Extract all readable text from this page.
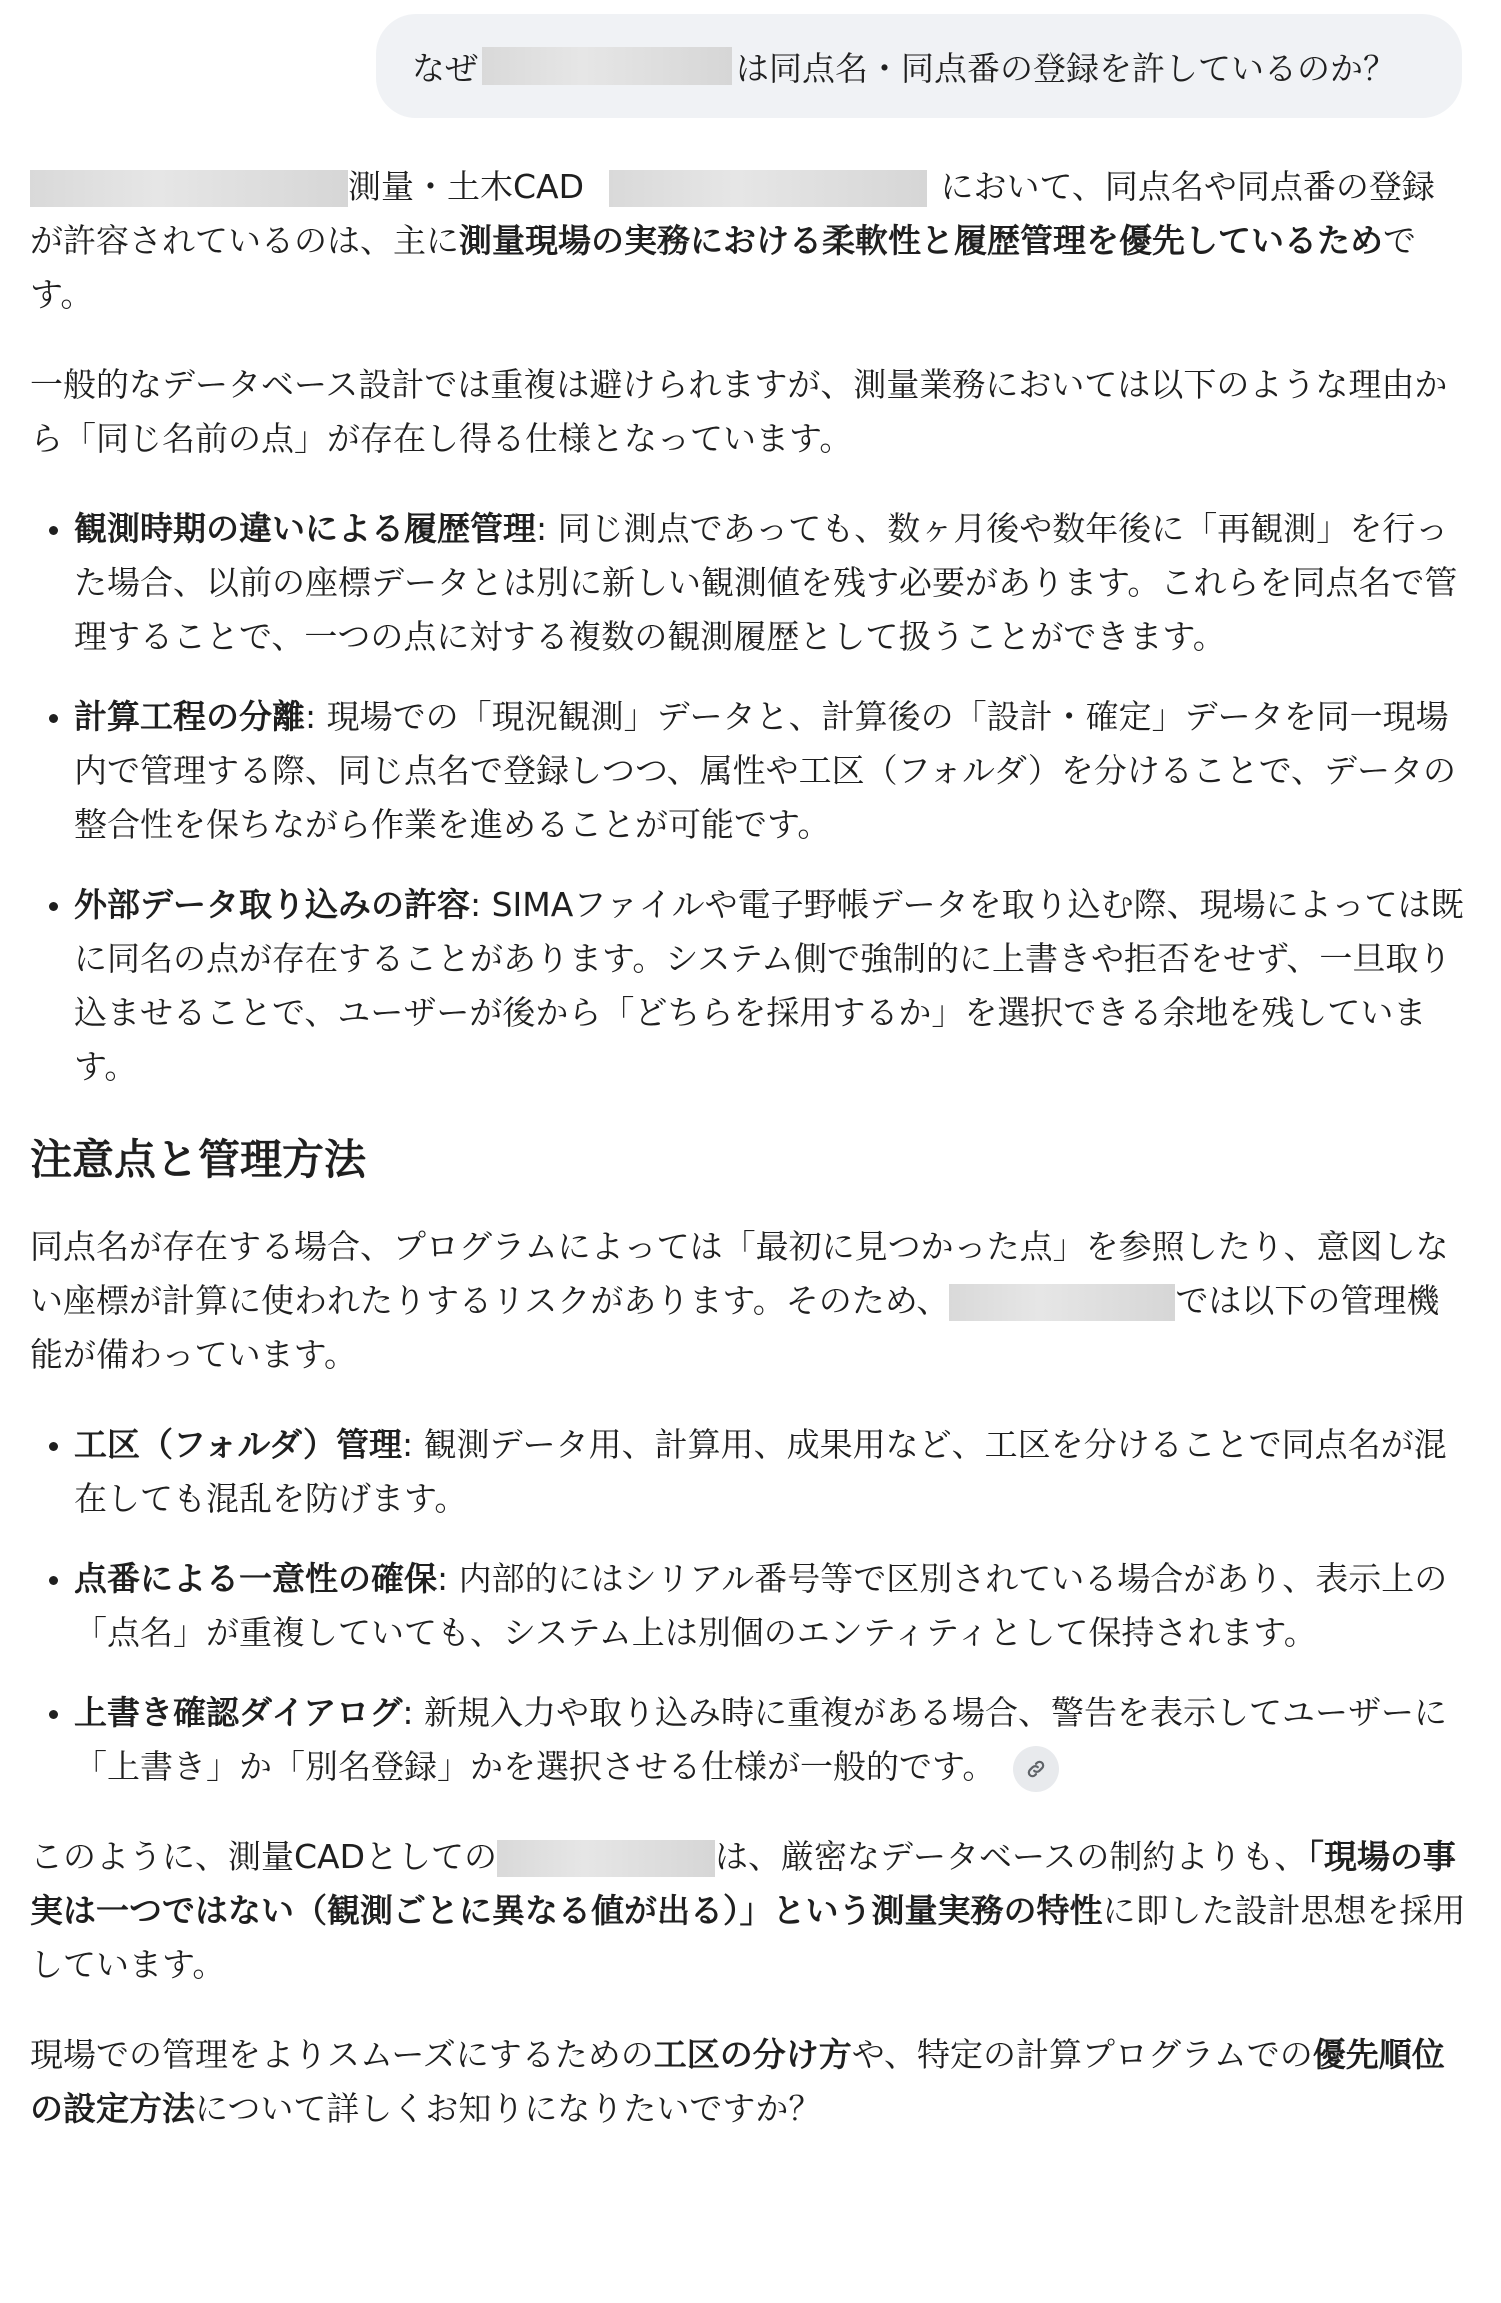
なぜ	は同点名・同点番の登録を許しているのか？

測量・土木CAD	において、同点名や同点番の登録が許容されているのは、主に測量現場の実務における柔軟性と履歴管理を優先しているためです。

一般的なデータベース設計では重複は避けられますが、測量業務においては以下のような理由から「同じ名前の点」が存在し得る仕様となっています。

• 観測時期の違いによる履歴管理: 同じ測点であっても、数ヶ月後や数年後に「再観測」を行った場合、以前の座標データとは別に新しい観測値を残す必要があります。これらを同点名で管理することで、一つの点に対する複数の観測履歴として扱うことができます。
• 計算工程の分離: 現場での「現況観測」データと、計算後の「設計・確定」データを同一現場内で管理する際、同じ点名で登録しつつ、属性や工区（フォルダ）を分けることで、データの整合性を保ちながら作業を進めることが可能です。
• 外部データ取り込みの許容: SIMAファイルや電子野帳データを取り込む際、現場によっては既に同名の点が存在することがあります。システム側で強制的に上書きや拒否をせず、一旦取り込ませることで、ユーザーが後から「どちらを採用するか」を選択できる余地を残しています。
注意点と管理方法

同点名が存在する場合、プログラムによっては「最初に見つかった点」を参照したり、意図しない座標が計算に使われたりするリスクがあります。そのため、	では以下の管理機能が備わっています。

• 工区（フォルダ）管理: 観測データ用、計算用、成果用など、工区を分けることで同点名が混在しても混乱を防げます。
• 点番による一意性の確保: 内部的にはシリアル番号等で区別されている場合があり、表示上の「点名」が重複していても、システム上は別個のエンティティとして保持されます。
• 上書き確認ダイアログ: 新規入力や取り込み時に重複がある場合、警告を表示してユーザーに「上書き」か「別名登録」かを選択させる仕様が一般的です。

このように、測量CADとしての	は、厳密なデータベースの制約よりも、「現場の事実は一つではない（観測ごとに異なる値が出る）」という測量実務の特性に即した設計思想を採用しています。

現場での管理をよりスムーズにするための工区の分け方や、特定の計算プログラムでの優先順位の設定方法について詳しくお知りになりたいですか？
